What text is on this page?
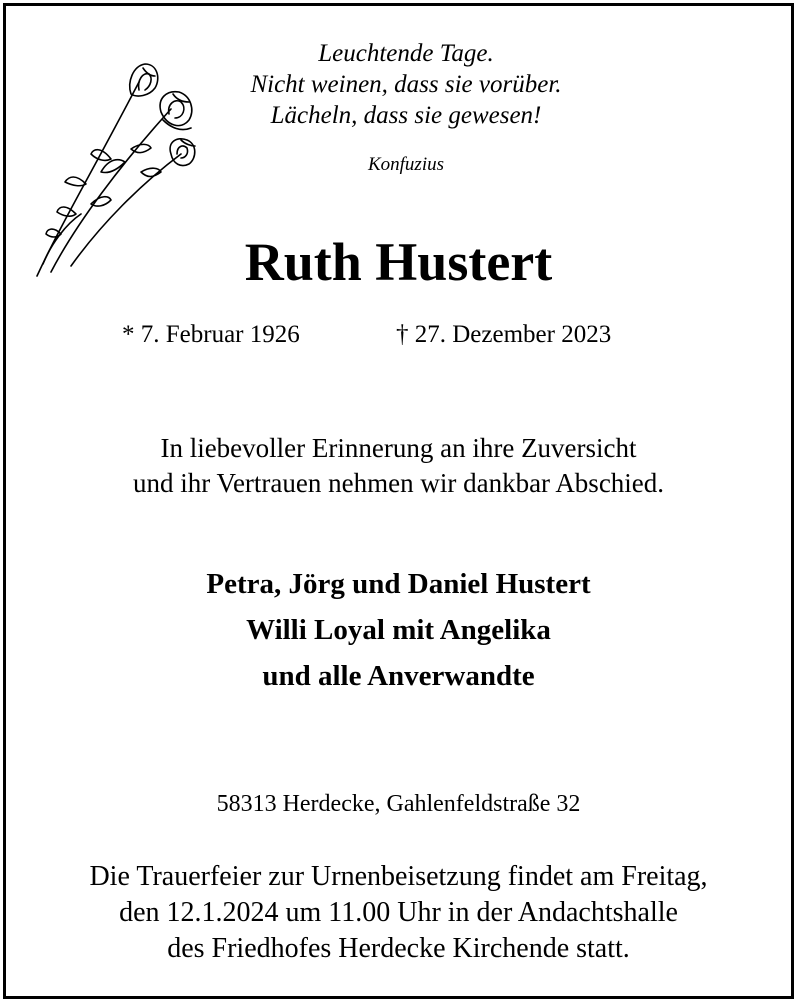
Leuchtende Tage.
Nicht weinen, dass sie vorüber.
Lächeln, dass sie gewesen!
Konfuzius
Ruth Hustert
* 7. Februar 1926	† 27. Dezember 2023
In liebevoller Erinnerung an ihre Zuversicht
und ihr Vertrauen nehmen wir dankbar Abschied.
Petra, Jörg und Daniel Hustert
Willi Loyal mit Angelika
und alle Anverwandte
58313 Herdecke, Gahlenfeldstraße 32
Die Trauerfeier zur Urnenbeisetzung findet am Freitag,
den 12.1.2024 um 11.00 Uhr in der Andachtshalle
des Friedhofes Herdecke Kirchende statt.
